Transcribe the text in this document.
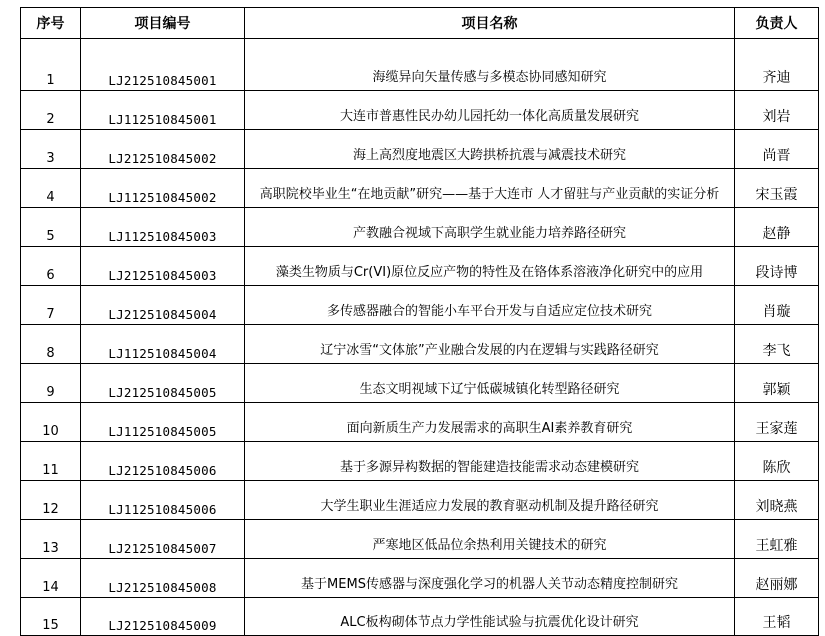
序号	项目编号	项目名称	负责人
1	LJ212510845001	海缆异向矢量传感与多模态协同感知研究	齐迪
2	LJ112510845001	大连市普惠性民办幼儿园托幼一体化高质量发展研究	刘岩
3	LJ212510845002	海上高烈度地震区大跨拱桥抗震与减震技术研究	尚晋
4	LJ112510845002	高职院校毕业生“在地贡献”研究——基于大连市 人才留驻与产业贡献的实证分析	宋玉霞
5	LJ112510845003	产教融合视域下高职学生就业能力培养路径研究	赵静
6	LJ212510845003	藻类生物质与Cr(VI)原位反应产物的特性及在铬体系溶液净化研究中的应用	段诗博
7	LJ212510845004	多传感器融合的智能小车平台开发与自适应定位技术研究	肖璇
8	LJ112510845004	辽宁冰雪“文体旅”产业融合发展的内在逻辑与实践路径研究	李飞
9	LJ212510845005	生态文明视域下辽宁低碳城镇化转型路径研究	郭颖
10	LJ112510845005	面向新质生产力发展需求的高职生AI素养教育研究	王家莲
11	LJ212510845006	基于多源异构数据的智能建造技能需求动态建模研究	陈欣
12	LJ112510845006	大学生职业生涯适应力发展的教育驱动机制及提升路径研究	刘晓燕
13	LJ212510845007	严寒地区低品位余热利用关键技术的研究	王虹雅
14	LJ212510845008	基于MEMS传感器与深度强化学习的机器人关节动态精度控制研究	赵丽娜
15	LJ212510845009	ALC板构砌体节点力学性能试验与抗震优化设计研究	王韬
